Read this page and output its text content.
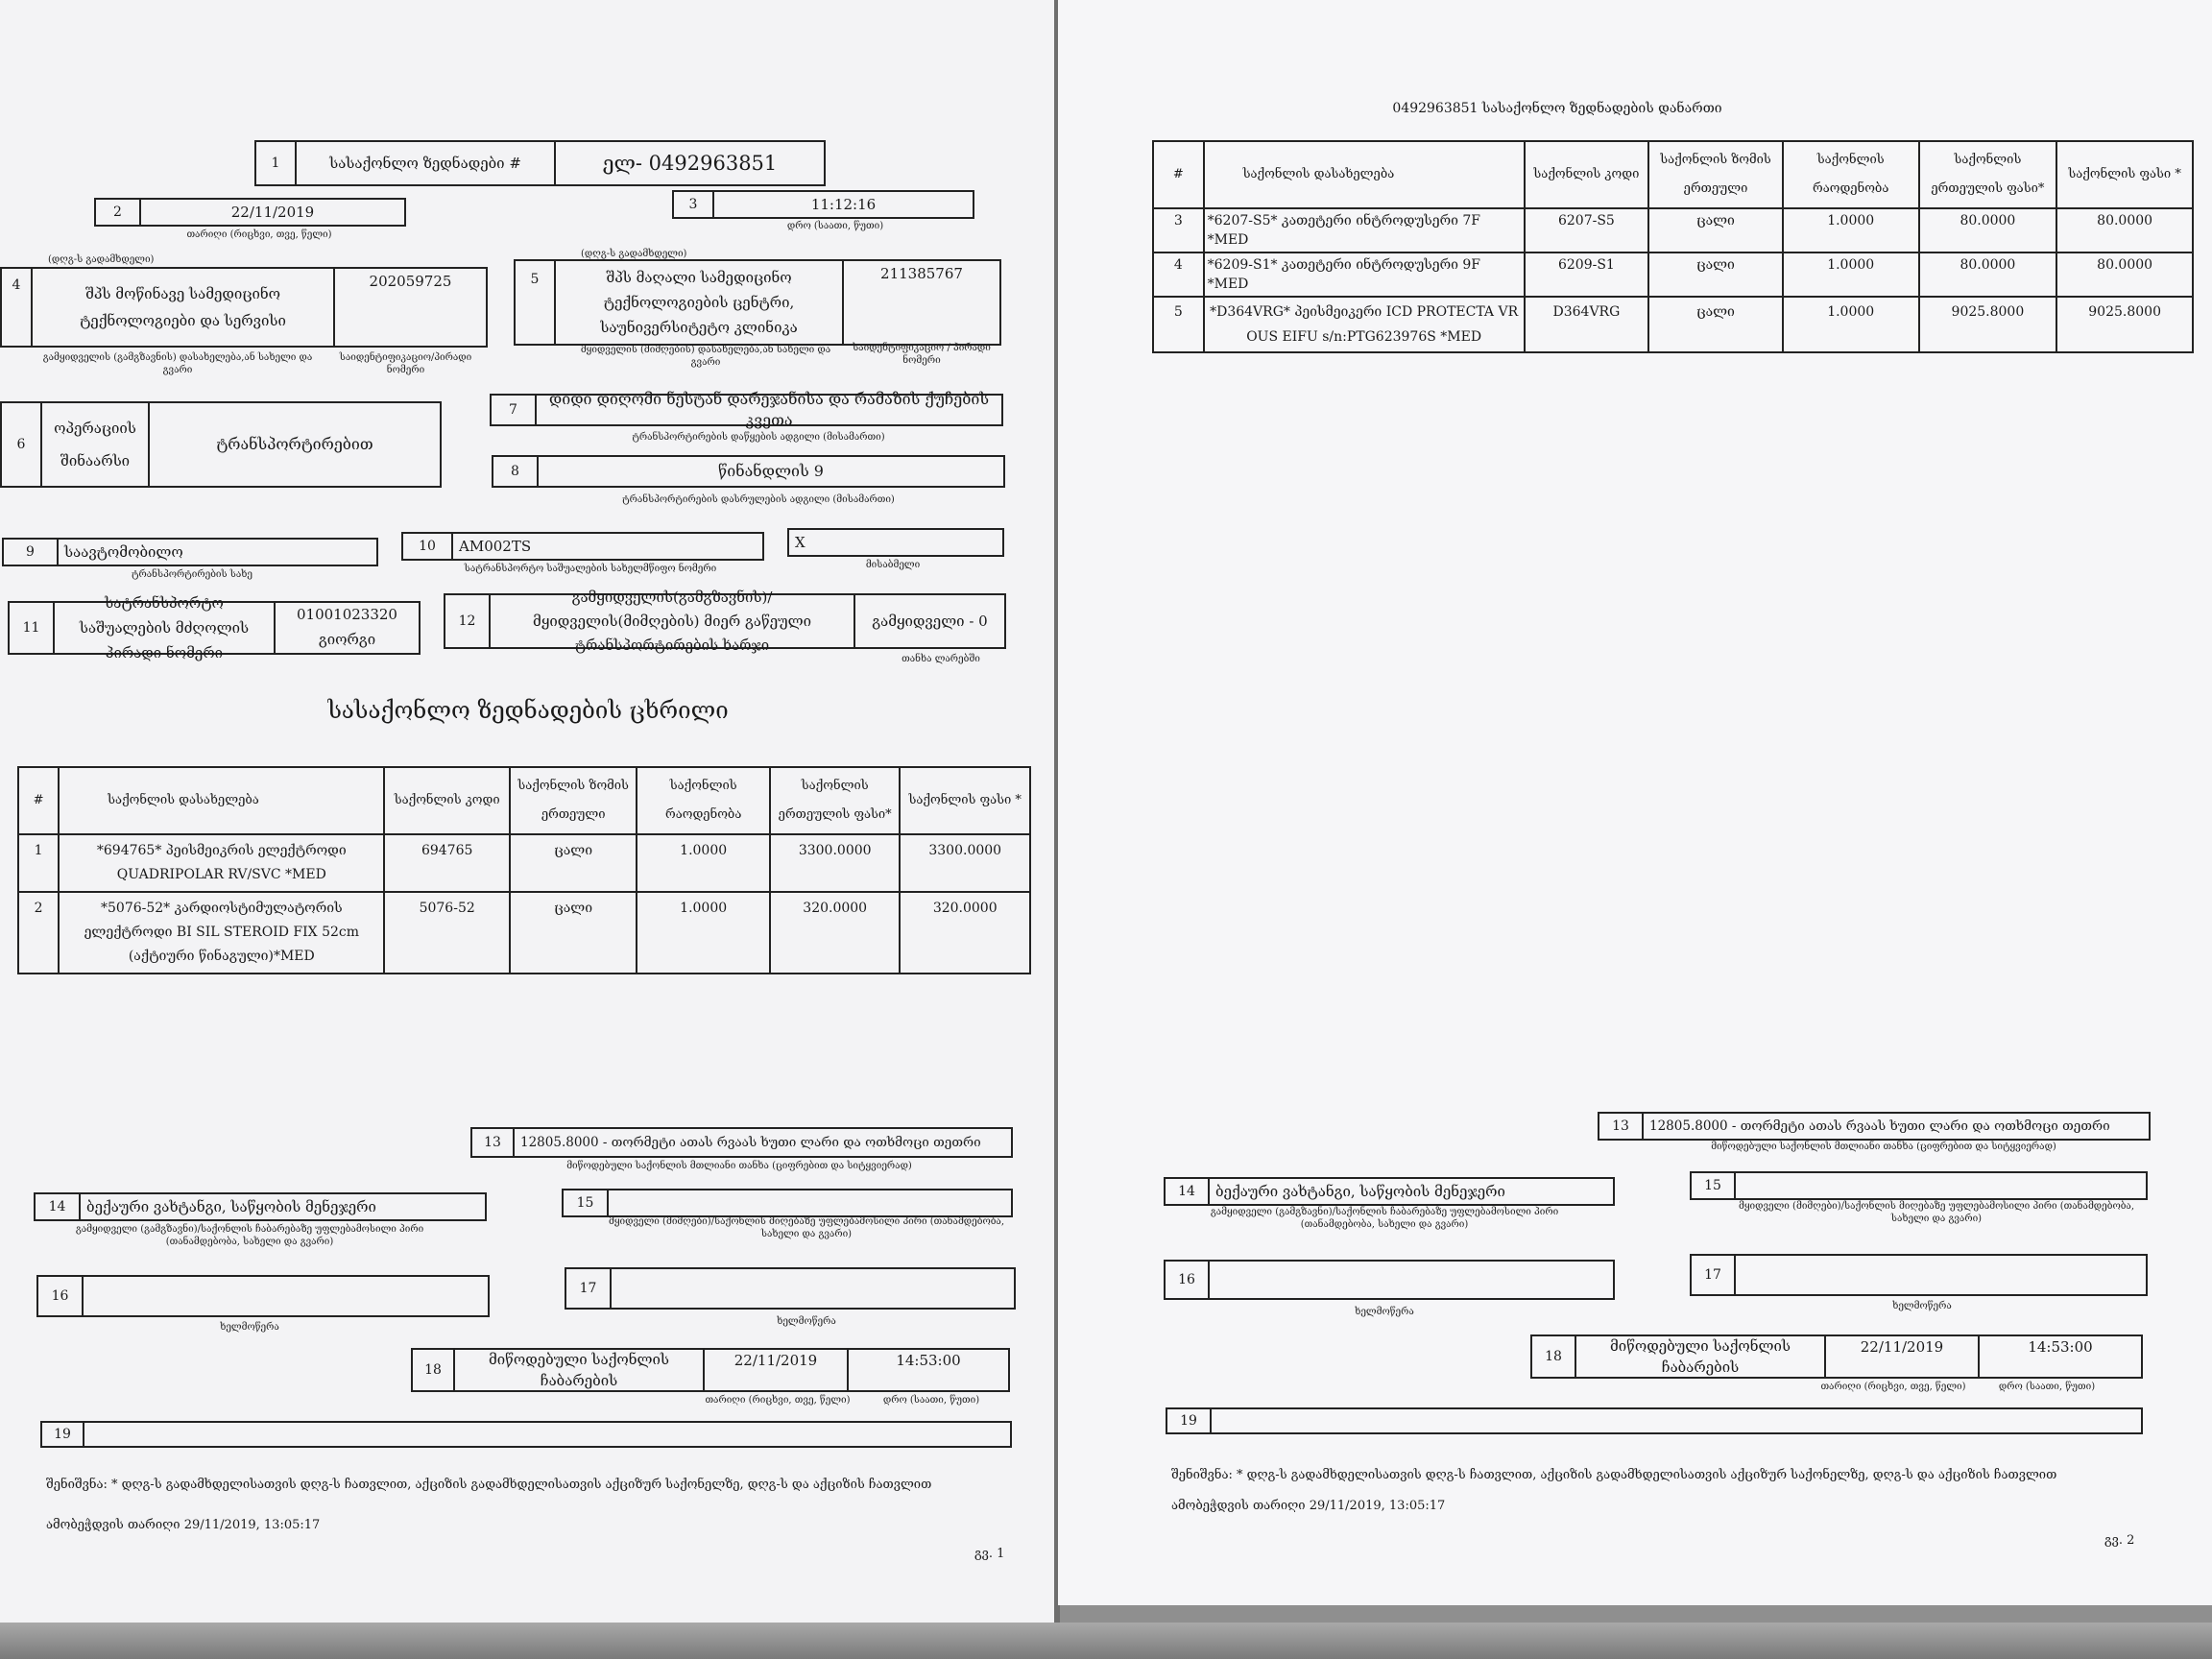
1	სასაქონლო ზედნადები #	ელ- 0492963851
2	22/11/2019
თარიღი (რიცხვი, თვე, წელი)
3	11:12:16
დრო (საათი, წუთი)
(დღგ-ს გადამხდელი)
(დღგ-ს გადამხდელი)
4	შპს მოწინავე სამედიცინო ტექნოლოგიები და სერვისი
202059725
გამყიდველის (გამგზავნის) დასახელება,ან სახელი და გვარი
საიდენტიფიკაციო/პირადი ნომერი
5	შპს მაღალი სამედიცინო ტექნოლოგიების ცენტრი, საუნივერსიტეტო კლინიკა
211385767
მყიდველის (მიმღების) დასახელება,ან სახელი და გვარი
საიდენტიფიკაციო / პირადი ნომერი
6
ოპერაციის შინაარსი
ტრანსპორტირებით
7
დიდი დიღომი ნესტან დარეჯანისა და რამაზის ქუჩების კვეთა
ტრანსპორტირების დაწყების ადგილი (მისამართი)
8	წინანდლის 9
ტრანსპორტირების დასრულების ადგილი (მისამართი)
9	საავტომობილო
ტრანსპორტირების სახე
10	AM002TS
სატრანსპორტო საშუალების სახელმწიფო ნომერი
X
მისაბმელი
11
სატრანსპორტო საშუალების მძღოლის პირადი ნომერი
01001023320
გიორგი
12
გამყიდველის(გამგზავნის)/მყიდველის(მიმღების) მიერ გაწეული ტრანსპორტირების ხარჯი
გამყიდველი - 0
თანხა ლარებში
სასაქონლო ზედნადების ცხრილი
#	საქონლის დასახელება	საქონლის კოდი	საქონლის ზომის ერთეული	საქონლის რაოდენობა	საქონლის ერთეულის ფასი*	საქონლის ფასი *
1	*694765* პეისმეიკრის ელექტროდი QUADRIPOLAR RV/SVC *MED	694765	ცალი	1.0000	3300.0000	3300.0000
2	*5076-52* კარდიოსტიმულატორის ელექტროდი BI SIL STEROID FIX 52cm (აქტიური წინაგული)*MED	5076-52	ცალი	1.0000	320.0000	320.0000
13	12805.8000 - თორმეტი ათას რვაას ხუთი ლარი და ოთხმოცი თეთრი
მიწოდებული საქონლის მთლიანი თანხა (ციფრებით და სიტყვიერად)
14	ბექაური ვახტანგი, საწყობის მენეჯერი
გამყიდველი (გამგზავნი)/საქონლის ჩაბარებაზე უფლებამოსილი პირი (თანამდებობა, სახელი და გვარი)
15
მყიდველი (მიმღები)/საქონლის მიღებაზე უფლებამოსილი პირი (თანამდებობა, სახელი და გვარი)
16
ხელმოწერა
17
ხელმოწერა
18
მიწოდებული საქონლის ჩაბარების
22/11/2019	14:53:00
თარიღი (რიცხვი, თვე, წელი)	დრო (საათი, წუთი)
19
შენიშვნა: * დღგ-ს გადამხდელისათვის დღგ-ს ჩათვლით, აქციზის გადამხდელისათვის აქციზურ საქონელზე, დღგ-ს და აქციზის ჩათვლით
ამობეჭდვის თარიღი 29/11/2019, 13:05:17
გვ. 1
0492963851 სასაქონლო ზედნადების დანართი
#	საქონლის დასახელება	საქონლის კოდი	საქონლის ზომის ერთეული	საქონლის რაოდენობა	საქონლის ერთეულის ფასი*	საქონლის ფასი *
3	*6207-S5* კათეტერი ინტროდუსერი 7F *MED	6207-S5	ცალი	1.0000	80.0000	80.0000
4	*6209-S1* კათეტერი ინტროდუსერი 9F *MED	6209-S1	ცალი	1.0000	80.0000	80.0000
5	*D364VRG* პეისმეიკერი ICD PROTECTA VR OUS EIFU s/n:PTG623976S *MED	D364VRG	ცალი	1.0000	9025.8000	9025.8000
13	12805.8000 - თორმეტი ათას რვაას ხუთი ლარი და ოთხმოცი თეთრი
მიწოდებული საქონლის მთლიანი თანხა (ციფრებით და სიტყვიერად)
14	ბექაური ვახტანგი, საწყობის მენეჯერი
გამყიდველი (გამგზავნი)/საქონლის ჩაბარებაზე უფლებამოსილი პირი (თანამდებობა, სახელი და გვარი)
15
მყიდველი (მიმღები)/საქონლის მიღებაზე უფლებამოსილი პირი (თანამდებობა, სახელი და გვარი)
16
ხელმოწერა
17
ხელმოწერა
18
მიწოდებული საქონლის ჩაბარების
22/11/2019	14:53:00
თარიღი (რიცხვი, თვე, წელი)	დრო (საათი, წუთი)
19
შენიშვნა: * დღგ-ს გადამხდელისათვის დღგ-ს ჩათვლით, აქციზის გადამხდელისათვის აქციზურ საქონელზე, დღგ-ს და აქციზის ჩათვლით
ამობეჭდვის თარიღი 29/11/2019, 13:05:17
გვ. 2
